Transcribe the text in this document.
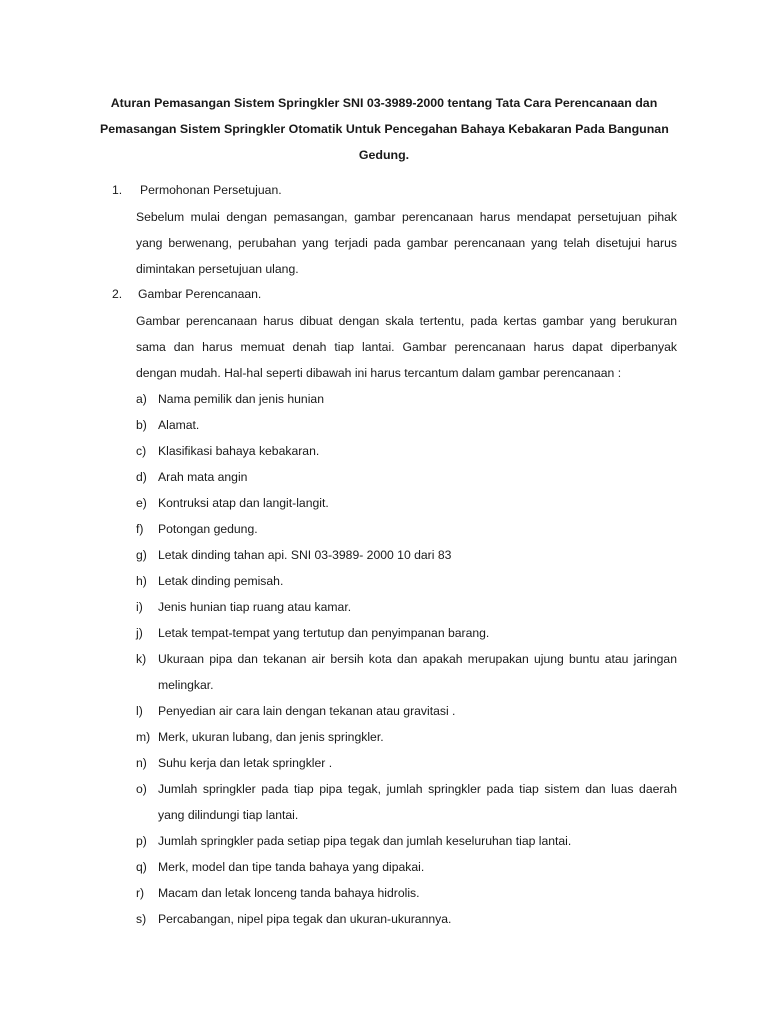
Aturan Pemasangan Sistem Springkler SNI 03-3989-2000 tentang Tata Cara Perencanaan dan
Pemasangan Sistem Springkler Otomatik Untuk Pencegahan Bahaya Kebakaran Pada Bangunan
Gedung.
1. Permohonan Persetujuan.
Sebelum mulai dengan pemasangan, gambar perencanaan harus mendapat persetujuan pihak
yang berwenang, perubahan yang terjadi pada gambar perencanaan yang telah disetujui harus
dimintakan persetujuan ulang.
2. Gambar Perencanaan.
Gambar perencanaan harus dibuat dengan skala tertentu, pada kertas gambar yang berukuran
sama dan harus memuat denah tiap lantai. Gambar perencanaan harus dapat diperbanyak
dengan mudah. Hal-hal seperti dibawah ini harus tercantum dalam gambar perencanaan :
a) Nama pemilik dan jenis hunian
b) Alamat.
c) Klasifikasi bahaya kebakaran.
d) Arah mata angin
e) Kontruksi atap dan langit-langit.
f)	Potongan gedung.
g) Letak dinding tahan api. SNI 03-3989- 2000 10 dari 83
h) Letak dinding pemisah.
i)	Jenis hunian tiap ruang atau kamar.
j)	Letak tempat-tempat yang tertutup dan penyimpanan barang.
k) Ukuraan pipa dan tekanan air bersih kota dan apakah merupakan ujung buntu atau jaringan
melingkar.
l)	Penyedian air cara lain dengan tekanan atau gravitasi .
m) Merk, ukuran lubang, dan jenis springkler.
n) Suhu kerja dan letak springkler .
o) Jumlah springkler pada tiap pipa tegak, jumlah springkler pada tiap sistem dan luas daerah
yang dilindungi tiap lantai.
p) Jumlah springkler pada setiap pipa tegak dan jumlah keseluruhan tiap lantai.
q) Merk, model dan tipe tanda bahaya yang dipakai.
r)	Macam dan letak lonceng tanda bahaya hidrolis.
s) Percabangan, nipel pipa tegak dan ukuran-ukurannya.
